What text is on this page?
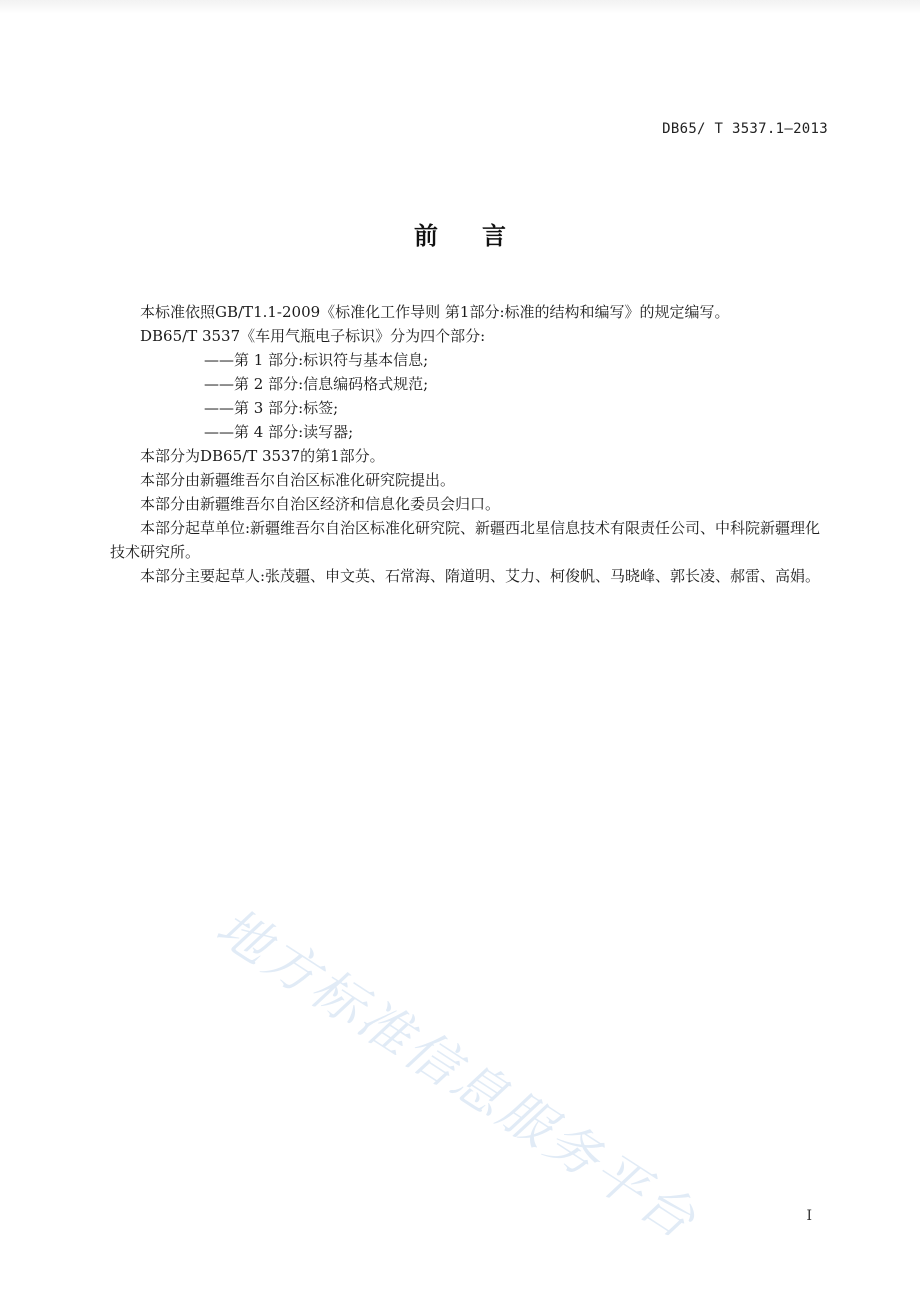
DB65/ T 3537.1—2013
前言

本标准依照GB/T1.1-2009《标准化工作导则 第1部分:标准的结构和编写》的规定编写。

DB65/T 3537《车用气瓶电子标识》分为四个部分:

——第 1 部分:标识符与基本信息;

——第 2 部分:信息编码格式规范;

——第 3 部分:标签;

——第 4 部分:读写器;

本部分为DB65/T 3537的第1部分。

本部分由新疆维吾尔自治区标准化研究院提出。

本部分由新疆维吾尔自治区经济和信息化委员会归口。

本部分起草单位:新疆维吾尔自治区标准化研究院、新疆西北星信息技术有限责任公司、中科院新疆理化技术研究所。

本部分主要起草人:张茂疆、申文英、石常海、隋道明、艾力、柯俊帆、马晓峰、郭长凌、郝雷、高娟。

地方标准信息服务平台	I
